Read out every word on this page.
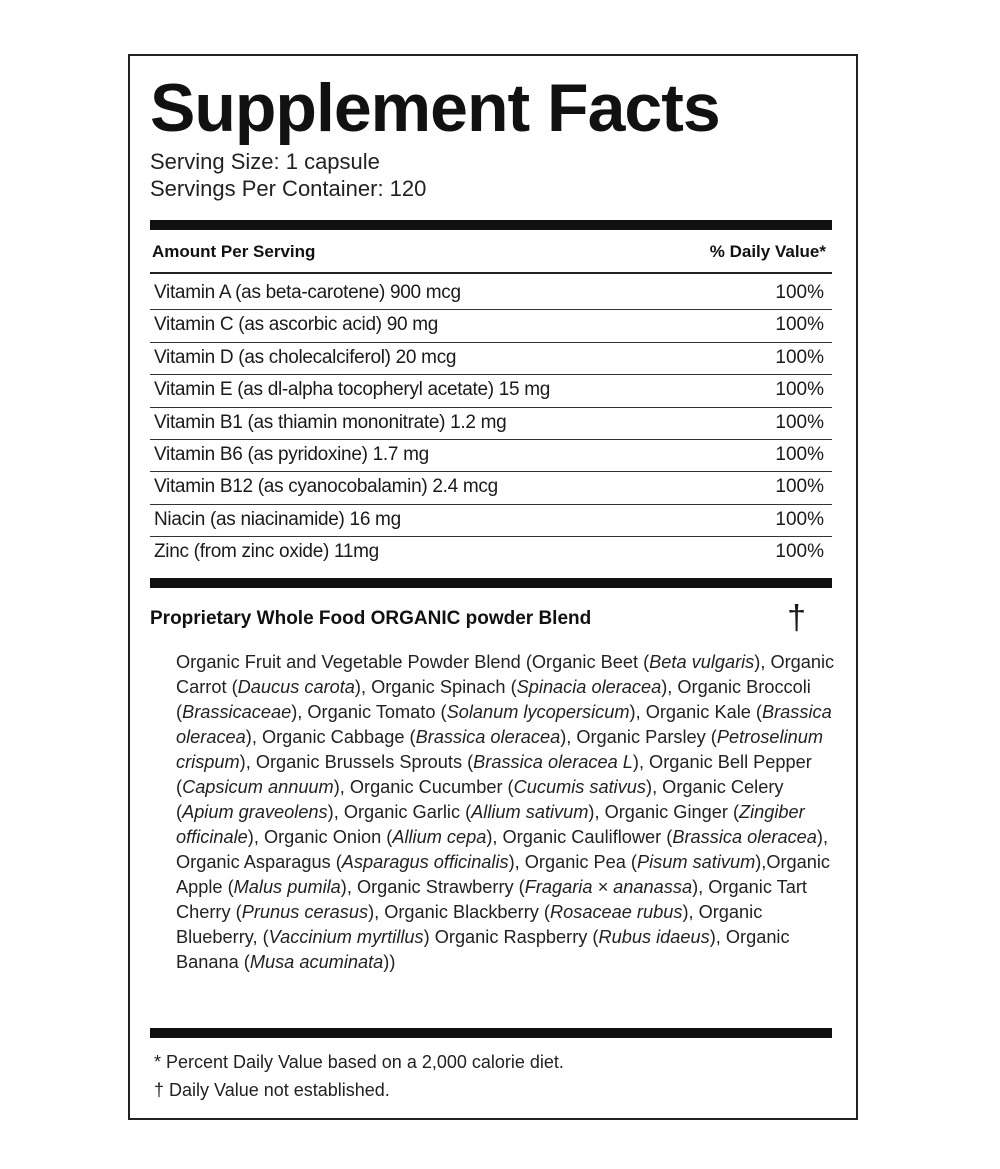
Supplement Facts
Serving Size: 1 capsule
Servings Per Container: 120
Amount Per Serving	% Daily Value*
Vitamin A (as beta-carotene) 900 mcg	100%
Vitamin C (as ascorbic acid) 90 mg	100%
Vitamin D (as cholecalciferol) 20 mcg	100%
Vitamin E (as dl-alpha tocopheryl acetate) 15 mg	100%
Vitamin B1 (as thiamin mononitrate) 1.2 mg	100%
Vitamin B6 (as pyridoxine) 1.7 mg	100%
Vitamin B12 (as cyanocobalamin) 2.4 mcg	100%
Niacin (as niacinamide) 16 mg	100%
Zinc (from zinc oxide) 11mg	100%
Proprietary Whole Food ORGANIC powder Blend	†
Organic Fruit and Vegetable Powder Blend (Organic Beet (Beta vulgaris), Organic Carrot (Daucus carota), Organic Spinach (Spinacia oleracea), Organic Broccoli (Brassicaceae), Organic Tomato (Solanum lycopersicum), Organic Kale (Brassica oleracea), Organic Cabbage (Brassica oleracea), Organic Parsley (Petroselinum crispum), Organic Brussels Sprouts (Brassica oleracea L), Organic Bell Pepper (Capsicum annuum), Organic Cucumber (Cucumis sativus), Organic Celery (Apium graveolens), Organic Garlic (Allium sativum), Organic Ginger (Zingiber officinale), Organic Onion (Allium cepa), Organic Cauliflower (Brassica oleracea), Organic Asparagus (Asparagus officinalis), Organic Pea (Pisum sativum),Organic Apple (Malus pumila), Organic Strawberry (Fragaria × ananassa), Organic Tart Cherry (Prunus cerasus), Organic Blackberry (Rosaceae rubus), Organic Blueberry, (Vaccinium myrtillus) Organic Raspberry (Rubus idaeus), Organic Banana (Musa acuminata))
* Percent Daily Value based on a 2,000 calorie diet.
† Daily Value not established.
